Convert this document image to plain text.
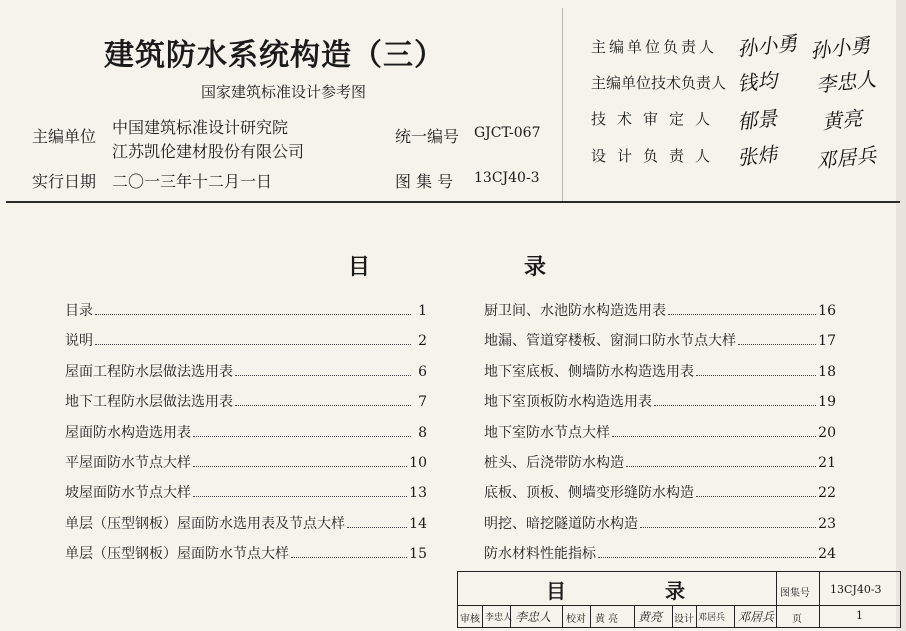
建筑防水系统构造（三）
国家建筑标准设计参考图
主编单位 中国建筑标准设计研究院
江苏凯伦建材股份有限公司
实行日期 二〇一三年十二月一日
统一编号 GJCT-067
图 集 号 13CJ40-3
主编单位负责人 孙小勇 孙小勇
主编单位技术负责人 钱均 李忠人
技术审定人 郁景 黄亮
设计负责人 张炜 邓居兵
目	录
目录	1
说明	2
屋面工程防水层做法选用表	6
地下工程防水层做法选用表	7
屋面防水构造选用表	8
平屋面防水节点大样	10
坡屋面防水节点大样	13
单层（压型钢板）屋面防水选用表及节点大样	14
单层（压型钢板）屋面防水节点大样	15
厨卫间、水池防水构造选用表	16
地漏、管道穿楼板、窗洞口防水节点大样	17
地下室底板、侧墙防水构造选用表	18
地下室顶板防水构造选用表	19
地下室防水节点大样	20
桩头、后浇带防水构造	21
底板、顶板、侧墙变形缝防水构造	22
明挖、暗挖隧道防水构造	23
防水材料性能指标	24
目	录	图集号 13CJ40-3
审核 李忠人 李忠人 校对 黄 亮 黄亮 设计 邓居兵 邓居兵 页	1
